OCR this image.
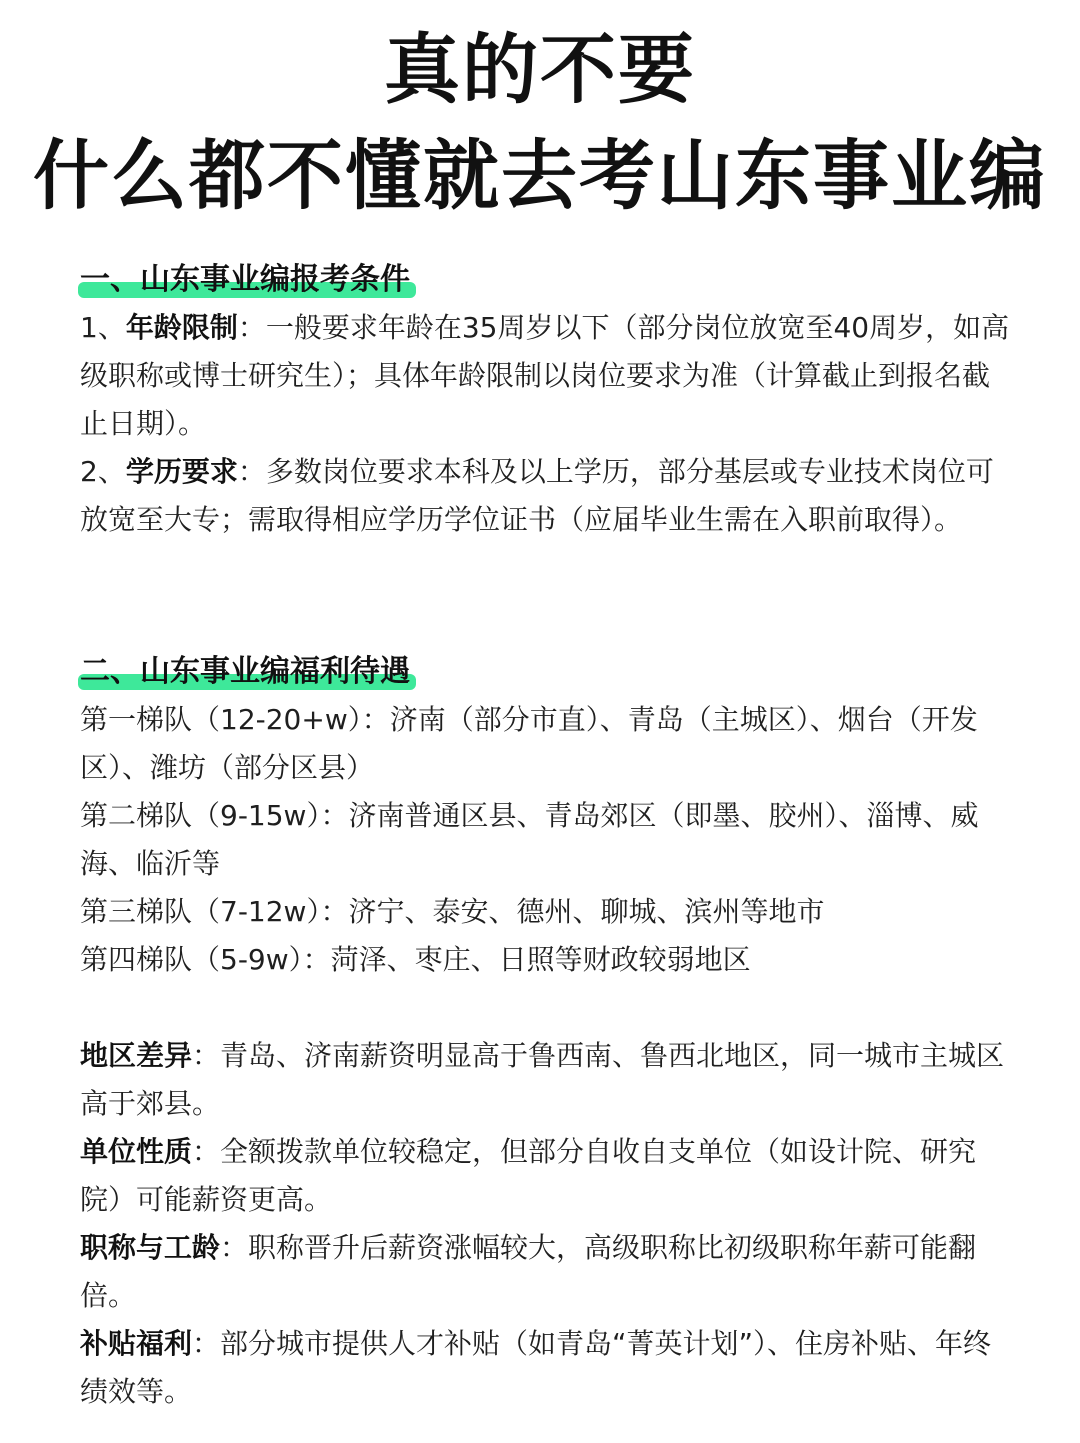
真的不要
什么都不懂就去考山东事业编
一、山东事业编报考条件

1、年龄限制：一般要求年龄在35周岁以下（部分岗位放宽至40周岁，如高级职称或博士研究生）；具体年龄限制以岗位要求为准（计算截止到报名截止日期）。

2、学历要求：多数岗位要求本科及以上学历，部分基层或专业技术岗位可放宽至大专；需取得相应学历学位证书（应届毕业生需在入职前取得）。

二、山东事业编福利待遇

第一梯队（12-20+w）：济南（部分市直）、青岛（主城区）、烟台（开发区）、潍坊（部分区县）

第二梯队（9-15w）：济南普通区县、青岛郊区（即墨、胶州）、淄博、威海、临沂等

第三梯队（7-12w）：济宁、泰安、德州、聊城、滨州等地市

第四梯队（5-9w）：菏泽、枣庄、日照等财政较弱地区

地区差异：青岛、济南薪资明显高于鲁西南、鲁西北地区，同一城市主城区高于郊县。

单位性质：全额拨款单位较稳定，但部分自收自支单位（如设计院、研究院）可能薪资更高。

职称与工龄：职称晋升后薪资涨幅较大，高级职称比初级职称年薪可能翻倍。

补贴福利：部分城市提供人才补贴（如青岛“菁英计划”）、住房补贴、年终绩效等。
